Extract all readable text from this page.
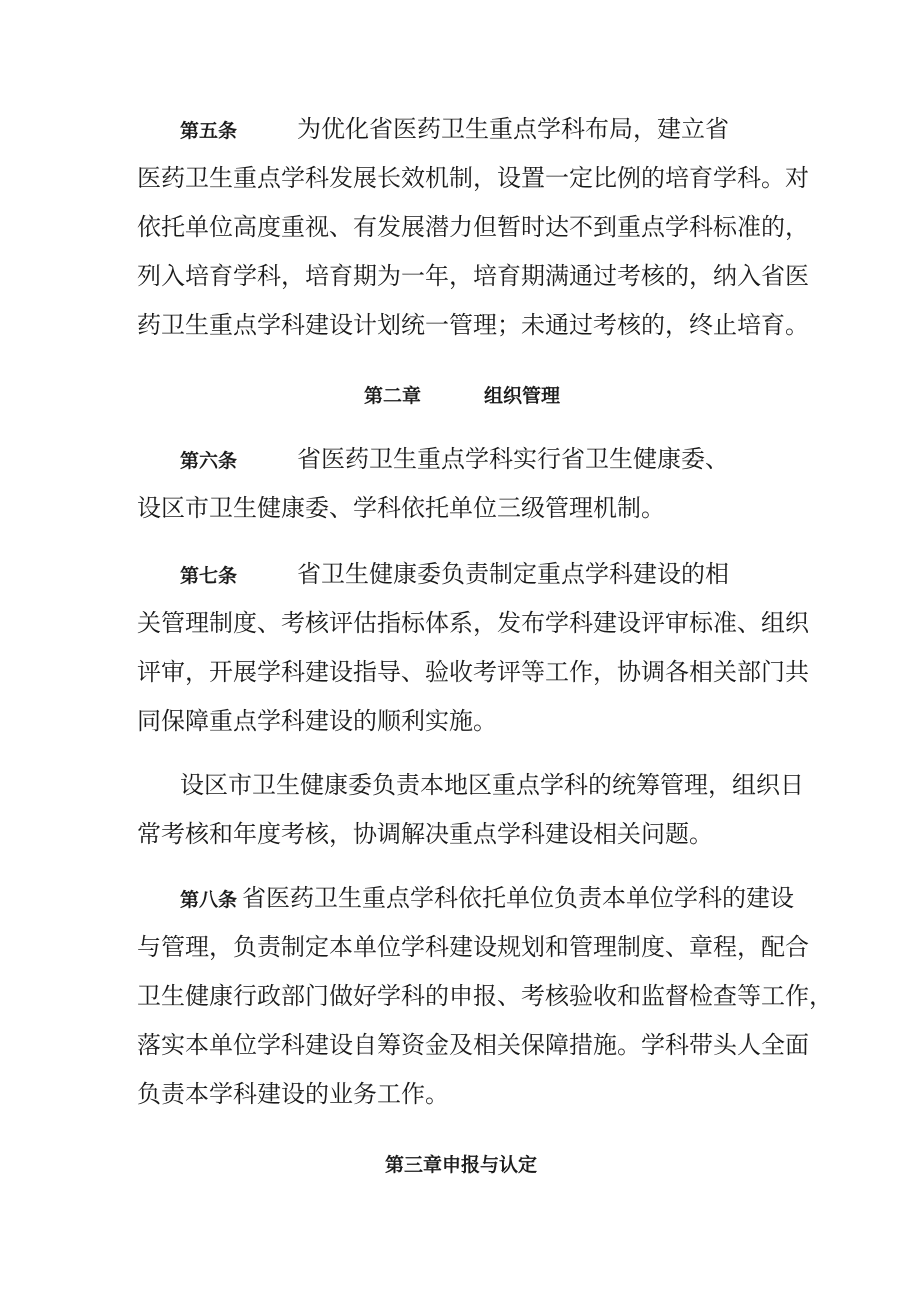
第五条 为优化省医药卫生重点学科布局，建立省
医药卫生重点学科发展长效机制，设置一定比例的培育学科。对
依托单位高度重视、有发展潜力但暂时达不到重点学科标准的，
列入培育学科，培育期为一年，培育期满通过考核的，纳入省医
药卫生重点学科建设计划统一管理；未通过考核的，终止培育。
第二章	组织管理
第六条 省医药卫生重点学科实行省卫生健康委、
设区市卫生健康委、学科依托单位三级管理机制。
第七条 省卫生健康委负责制定重点学科建设的相
关管理制度、考核评估指标体系，发布学科建设评审标准、组织
评审，开展学科建设指导、验收考评等工作，协调各相关部门共
同保障重点学科建设的顺利实施。
设区市卫生健康委负责本地区重点学科的统筹管理，组织日
常考核和年度考核，协调解决重点学科建设相关问题。
第八条 省医药卫生重点学科依托单位负责本单位学科的建设
与管理，负责制定本单位学科建设规划和管理制度、章程，配合
卫生健康行政部门做好学科的申报、考核验收和监督检查等工作，
落实本单位学科建设自筹资金及相关保障措施。学科带头人全面
负责本学科建设的业务工作。
第三章申报与认定
